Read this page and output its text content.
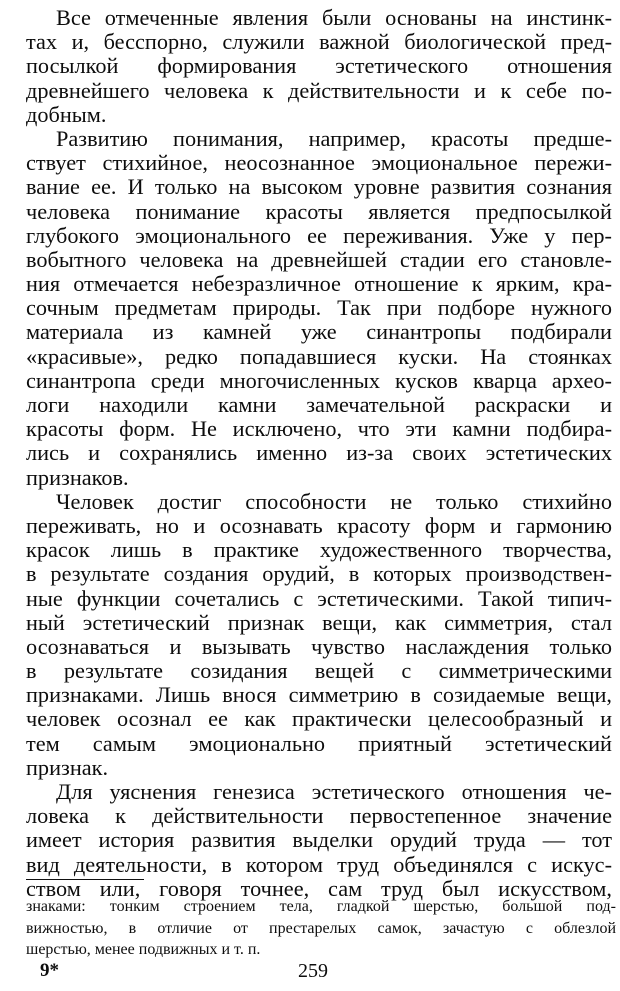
Все отмеченные явления были основаны на инстинк-
тах и, бесспорно, служили важной биологической пред-
посылкой формирования эстетического отношения
древнейшего человека к действительности и к себе по-
добным.

Развитию понимания, например, красоты предше-
ствует стихийное, неосознанное эмоциональное пережи-
вание ее. И только на высоком уровне развития сознания
человека понимание красоты является предпосылкой
глубокого эмоционального ее переживания. Уже у пер-
вобытного человека на древнейшей стадии его становле-
ния отмечается небезразличное отношение к ярким, кра-
сочным предметам природы. Так при подборе нужного
материала из камней уже синантропы подбирали
«красивые», редко попадавшиеся куски. На стоянках
синантропа среди многочисленных кусков кварца архео-
логи находили камни замечательной раскраски и
красоты форм. Не исключено, что эти камни подбира-
лись и сохранялись именно из-за своих эстетических
признаков.

Человек достиг способности не только стихийно
переживать, но и осознавать красоту форм и гармонию
красок лишь в практике художественного творчества,
в результате создания орудий, в которых производствен-
ные функции сочетались с эстетическими. Такой типич-
ный эстетический признак вещи, как симметрия, стал
осознаваться и вызывать чувство наслаждения только
в результате созидания вещей с симметрическими
признаками. Лишь внося симметрию в созидаемые вещи,
человек осознал ее как практически целесообразный и
тем самым эмоционально приятный эстетический
признак.

Для уяснения генезиса эстетического отношения че-
ловека к действительности первостепенное значение
имеет история развития выделки орудий труда — тот
вид деятельности, в котором труд объединялся с искус-
ством или, говоря точнее, сам труд был искусством,

знаками: тонким строением тела, гладкой шерстью, большой под-
вижностью, в отличие от престарелых самок, зачастую с облезлой
шерстью, менее подвижных и т. п.
9*	259
